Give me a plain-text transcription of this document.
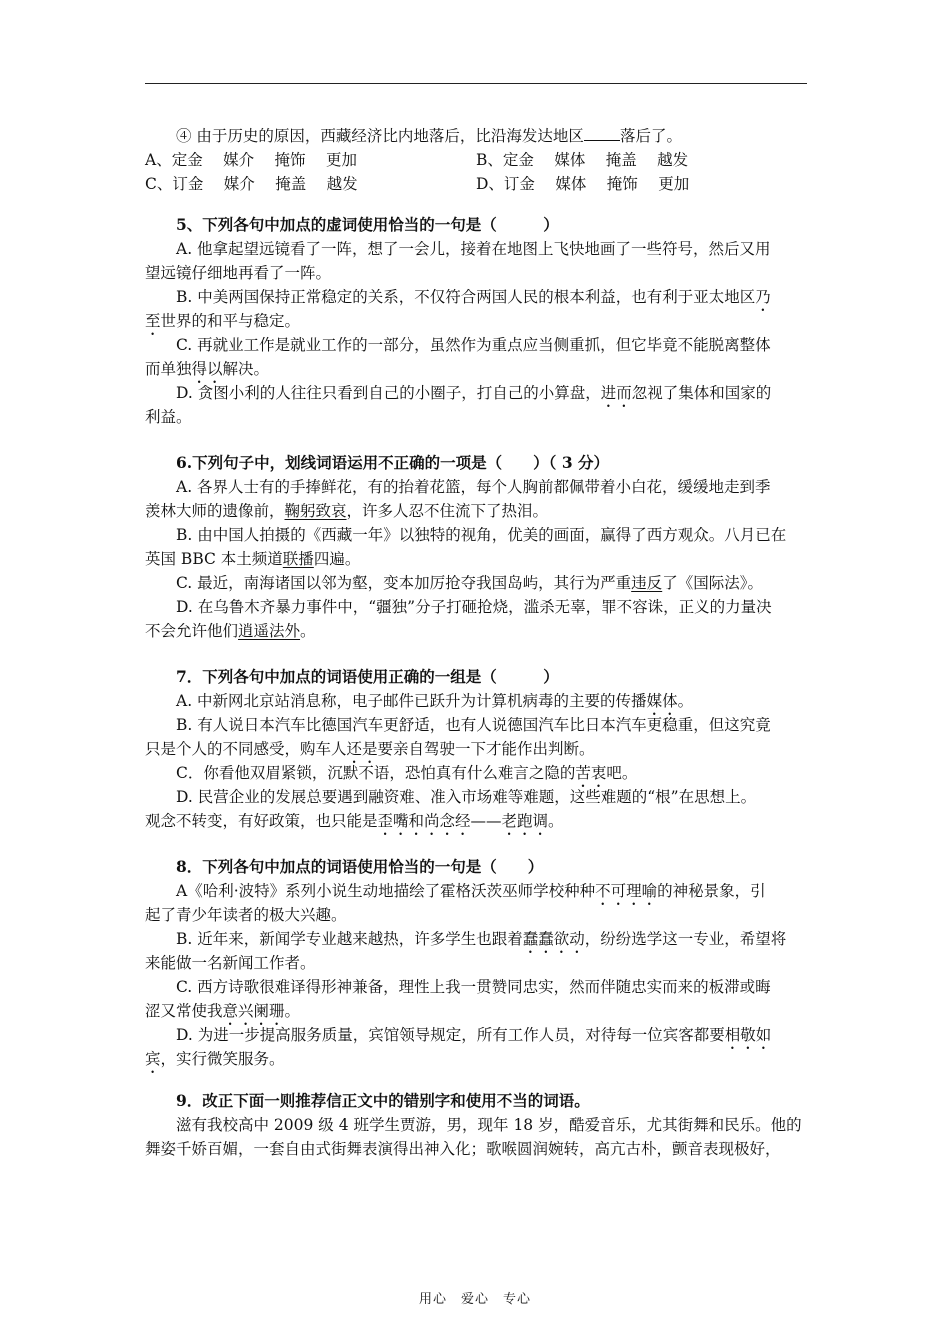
④ 由于历史的原因，西藏经济比内地落后，比沿海发达地区 落后了。
A、定金　 媒介　 掩饰　 更加	B、定金　 媒体　 掩盖　 越发
C、订金　 媒介　 掩盖　 越发	D、订金　 媒体　 掩饰　 更加
5、下列各句中加点的虚词使用恰当的一句是（　　　）
A. 他拿起望远镜看了一阵，想了一会儿，接着在地图上飞快地画了一些符号，然后又用
望远镜仔细地再看了一阵。
B. 中美两国保持正常稳定的关系，不仅符合两国人民的根本利益，也有利于亚太地区乃
至世界的和平与稳定。
C. 再就业工作是就业工作的一部分，虽然作为重点应当侧重抓，但它毕竟不能脱离整体
而单独得以解决。
D. 贪图小利的人往往只看到自己的小圈子，打自己的小算盘，进而忽视了集体和国家的
利益。
6.下列句子中，划线词语运用不正确的一项是（　　）（ 3 分）
A. 各界人士有的手捧鲜花，有的抬着花篮，每个人胸前都佩带着小白花，缓缓地走到季
羡林大师的遗像前，鞠躬致哀，许多人忍不住流下了热泪。
B. 由中国人拍摄的《西藏一年》以独特的视角，优美的画面，赢得了西方观众。八月已在
英国 BBC 本土频道联播四遍。
C. 最近，南海诸国以邻为壑，变本加厉抢夺我国岛屿，其行为严重违反了《国际法》。
D. 在乌鲁木齐暴力事件中，“疆独”分子打砸抢烧，滥杀无辜，罪不容诛，正义的力量决
不会允许他们逍遥法外。
7．下列各句中加点的词语使用正确的一组是（　　　）
A. 中新网北京站消息称，电子邮件已跃升为计算机病毒的主要的传播媒体。
B. 有人说日本汽车比德国汽车更舒适，也有人说德国汽车比日本汽车更稳重，但这究竟
只是个人的不同感受，购车人还是要亲自驾驶一下才能作出判断。
C．你看他双眉紧锁，沉默不语，恐怕真有什么难言之隐的苦衷吧。
D. 民营企业的发展总要遇到融资难、准入市场难等难题，这些难题的“根”在思想上。
观念不转变，有好政策，也只能是歪嘴和尚念经——老跑调。
8．下列各句中加点的词语使用恰当的一句是（　　）
A《哈利·波特》系列小说生动地描绘了霍格沃茨巫师学校种种不可理喻的神秘景象，引
起了青少年读者的极大兴趣。
B. 近年来，新闻学专业越来越热，许多学生也跟着蠢蠢欲动，纷纷选学这一专业，希望将
来能做一名新闻工作者。
C. 西方诗歌很难译得形神兼备，理性上我一贯赞同忠实，然而伴随忠实而来的板滞或晦
涩又常使我意兴阑珊。
D. 为进一步提高服务质量，宾馆领导规定，所有工作人员，对待每一位宾客都要相敬如
宾，实行微笑服务。
9．改正下面一则推荐信正文中的错别字和使用不当的词语。
滋有我校高中 2009 级 4 班学生贾游，男，现年 18 岁，酷爱音乐，尤其街舞和民乐。他的
舞姿千娇百媚，一套自由式街舞表演得出神入化；歌喉圆润婉转，高亢古朴，颤音表现极好，
用心　爱心　专心
